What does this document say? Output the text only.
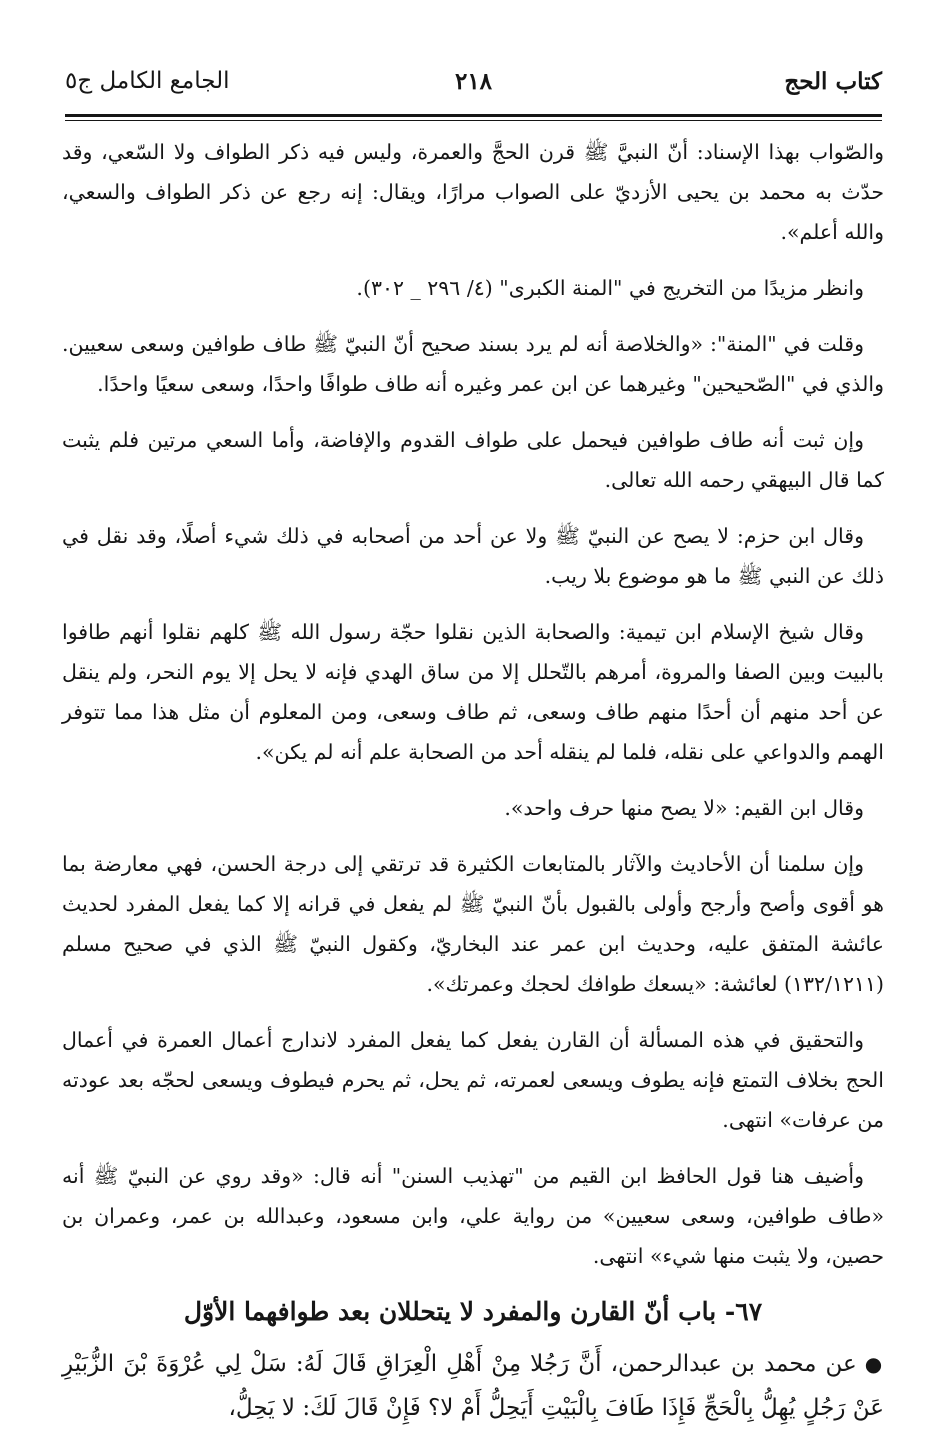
كتاب الحج
٢١٨
الجامع الكامل ج٥

والصّواب بهذا الإسناد: أنّ النبيَّ ﷺ قرن الحجَّ والعمرة، وليس فيه ذكر الطواف ولا السّعي، وقد حدّث به محمد بن يحيى الأزديّ على الصواب مرارًا، ويقال: إنه رجع عن ذكر الطواف والسعي، والله أعلم».

وانظر مزيدًا من التخريج في "المنة الكبرى" (٤/ ٢٩٦ _ ٣٠٢).

وقلت في "المنة": «والخلاصة أنه لم يرد بسند صحيح أنّ النبيّ ﷺ طاف طوافين وسعى سعيين. والذي في "الصّحيحين" وغيرهما عن ابن عمر وغيره أنه طاف طوافًا واحدًا، وسعى سعيًا واحدًا.

وإن ثبت أنه طاف طوافين فيحمل على طواف القدوم والإفاضة، وأما السعي مرتين فلم يثبت كما قال البيهقي رحمه الله تعالى.

وقال ابن حزم: لا يصح عن النبيّ ﷺ ولا عن أحد من أصحابه في ذلك شيء أصلًا، وقد نقل في ذلك عن النبي ﷺ ما هو موضوع بلا ريب.

وقال شيخ الإسلام ابن تيمية: والصحابة الذين نقلوا حجّة رسول الله ﷺ كلهم نقلوا أنهم طافوا بالبيت وبين الصفا والمروة، أمرهم بالتّحلل إلا من ساق الهدي فإنه لا يحل إلا يوم النحر، ولم ينقل عن أحد منهم أن أحدًا منهم طاف وسعى، ثم طاف وسعى، ومن المعلوم أن مثل هذا مما تتوفر الهمم والدواعي على نقله، فلما لم ينقله أحد من الصحابة علم أنه لم يكن».

وقال ابن القيم: «لا يصح منها حرف واحد».

وإن سلمنا أن الأحاديث والآثار بالمتابعات الكثيرة قد ترتقي إلى درجة الحسن، فهي معارضة بما هو أقوى وأصح وأرجح وأولى بالقبول بأنّ النبيّ ﷺ لم يفعل في قرانه إلا كما يفعل المفرد لحديث عائشة المتفق عليه، وحديث ابن عمر عند البخاريّ، وكقول النبيّ ﷺ الذي في صحيح مسلم (١٣٢/١٢١١) لعائشة: «يسعك طوافك لحجك وعمرتك».

والتحقيق في هذه المسألة أن القارن يفعل كما يفعل المفرد لاندارج أعمال العمرة في أعمال الحج بخلاف التمتع فإنه يطوف ويسعى لعمرته، ثم يحل، ثم يحرم فيطوف ويسعى لحجّه بعد عودته من عرفات» انتهى.

وأضيف هنا قول الحافظ ابن القيم من "تهذيب السنن" أنه قال: «وقد روي عن النبيّ ﷺ أنه «طاف طوافين، وسعى سعيين» من رواية علي، وابن مسعود، وعبدالله بن عمر، وعمران بن حصين، ولا يثبت منها شيء» انتهى.

٦٧- باب أنّ القارن والمفرد لا يتحللان بعد طوافهما الأوّل

●عن محمد بن عبدالرحمن، أَنَّ رَجُلا مِنْ أَهْلِ الْعِرَاقِ قَالَ لَهُ: سَلْ لِي عُرْوَةَ بْنَ الزُّبَيْرِ عَنْ رَجُلٍ يُهِلُّ بِالْحَجِّ فَإِذَا طَافَ بِالْبَيْتِ أَيَحِلُّ أَمْ لا؟ فَإِنْ قَالَ لَكَ: لا يَحِلُّ،
